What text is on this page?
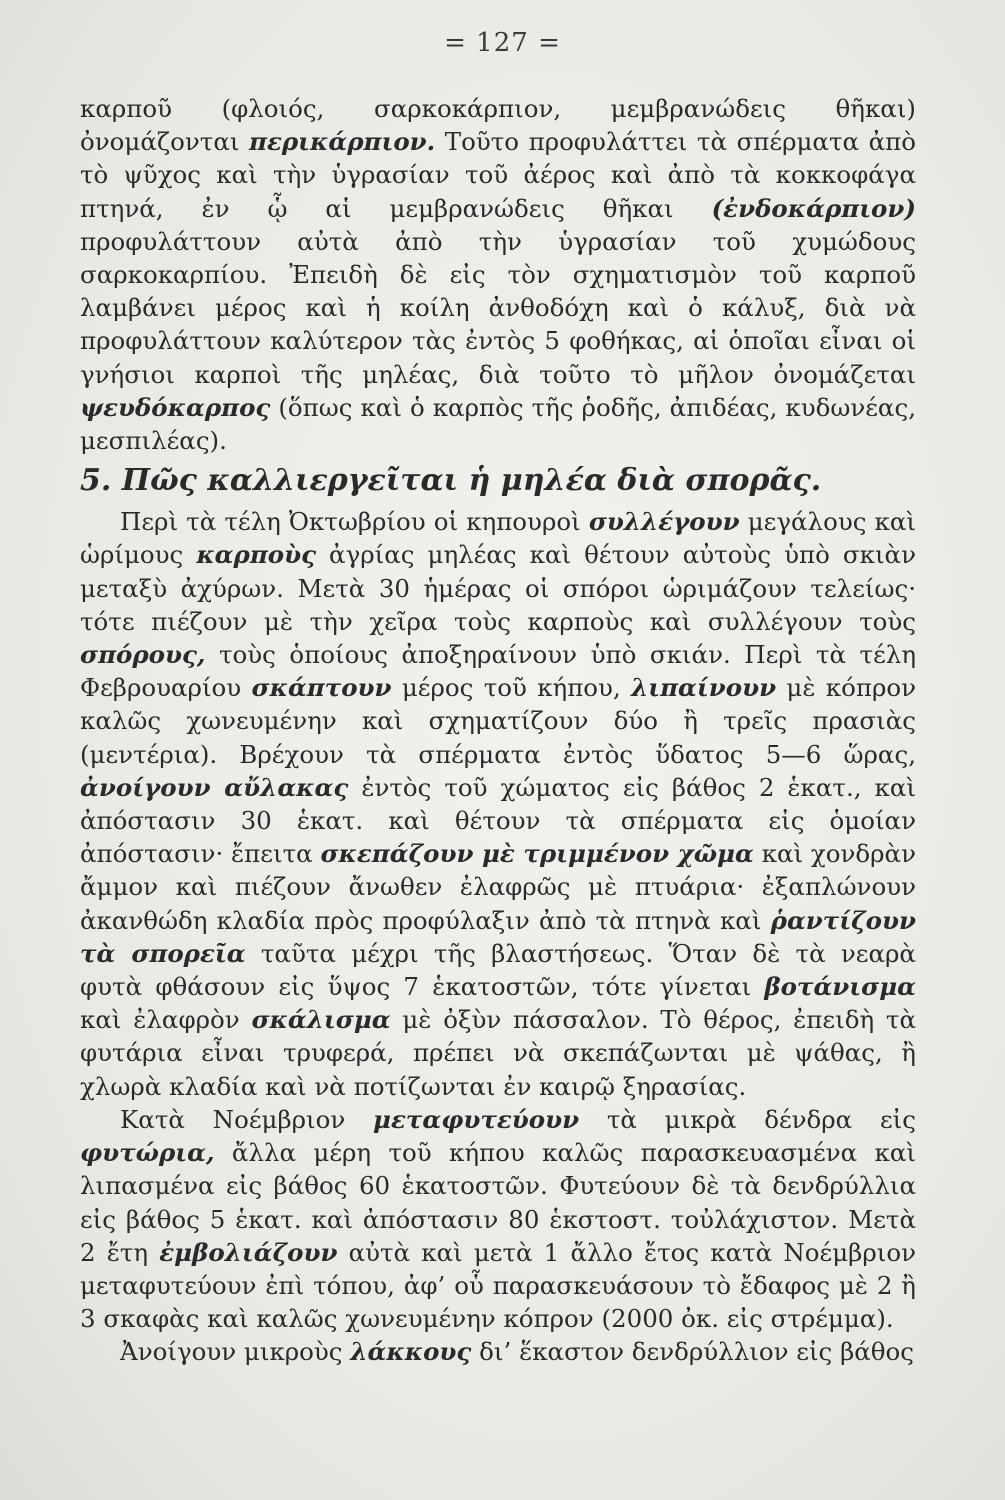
= 127 =

καρποῦ (φλοιός, σαρκοκάρπιον, μεμβρανώδεις θῆκαι) ὀνομάζονται περικάρπιον. Τοῦτο προφυλάττει τὰ σπέρματα ἀπὸ τὸ ψῦχος καὶ τὴν ὑγρασίαν τοῦ ἀέρος καὶ ἀπὸ τὰ κοκκοφάγα πτηνά, ἐν ᾧ αἱ μεμβρανώδεις θῆκαι (ἐνδοκάρπιον) προφυλάττουν αὐτὰ ἀπὸ τὴν ὑγρασίαν τοῦ χυμώδους σαρκοκαρπίου. Ἐπειδὴ δὲ εἰς τὸν σχηματισμὸν τοῦ καρποῦ λαμβάνει μέρος καὶ ἡ κοίλη ἀνθοδόχη καὶ ὁ κάλυξ, διὰ νὰ προφυλάττουν καλύτερον τὰς ἐντὸς 5 φοθήκας, αἱ ὁποῖαι εἶναι οἱ γνήσιοι καρποὶ τῆς μηλέας, διὰ τοῦτο τὸ μῆλον ὀνομάζεται ψευδόκαρπος (ὅπως καὶ ὁ καρπὸς τῆς ῥοδῆς, ἀπιδέας, κυδωνέας, μεσπιλέας).

5. Πῶς καλλιεργεῖται ἡ μηλέα διὰ σπορᾶς.

Περὶ τὰ τέλη Ὀκτωβρίου οἱ κηπουροὶ συλλέγουν μεγάλους καὶ ὡρίμους καρποὺς ἀγρίας μηλέας καὶ θέτουν αὐτοὺς ὑπὸ σκιὰν μεταξὺ ἀχύρων. Μετὰ 30 ἡμέρας οἱ σπόροι ὡριμάζουν τελείως· τότε πιέζουν μὲ τὴν χεῖρα τοὺς καρποὺς καὶ συλλέγουν τοὺς σπόρους, τοὺς ὁποίους ἀποξηραίνουν ὑπὸ σκιάν. Περὶ τὰ τέλη Φεβρουαρίου σκάπτουν μέρος τοῦ κήπου, λιπαίνουν μὲ κόπρον καλῶς χωνευμένην καὶ σχηματίζουν δύο ἢ τρεῖς πρασιὰς (μεντέρια). Βρέχουν τὰ σπέρματα ἐντὸς ὕδατος 5—6 ὥρας, ἀνοίγουν αὔλακας ἐντὸς τοῦ χώματος εἰς βάθος 2 ἑκατ., καὶ ἀπόστασιν 30 ἑκατ. καὶ θέτουν τὰ σπέρματα εἰς ὁμοίαν ἀπόστασιν· ἔπειτα σκεπάζουν μὲ τριμμένον χῶμα καὶ χονδρὰν ἄμμον καὶ πιέζουν ἄνωθεν ἐλαφρῶς μὲ πτυάρια· ἐξαπλώνουν ἀκανθώδη κλαδία πρὸς προφύλαξιν ἀπὸ τὰ πτηνὰ καὶ ῥαντίζουν τὰ σπορεῖα ταῦτα μέχρι τῆς βλαστήσεως. Ὅταν δὲ τὰ νεαρὰ φυτὰ φθάσουν εἰς ὕψος 7 ἑκατοστῶν, τότε γίνεται βοτάνισμα καὶ ἐλαφρὸν σκάλισμα μὲ ὀξὺν πάσσαλον. Τὸ θέρος, ἐπειδὴ τὰ φυτάρια εἶναι τρυφερά, πρέπει νὰ σκεπάζωνται μὲ ψάθας, ἢ χλωρὰ κλαδία καὶ νὰ ποτίζωνται ἐν καιρῷ ξηρασίας.

Κατὰ Νοέμβριον μεταφυτεύουν τὰ μικρὰ δένδρα εἰς φυτώρια, ἄλλα μέρη τοῦ κήπου καλῶς παρασκευασμένα καὶ λιπασμένα εἰς βάθος 60 ἑκατοστῶν. Φυτεύουν δὲ τὰ δενδρύλλια εἰς βάθος 5 ἑκατ. καὶ ἀπόστασιν 80 ἑκστοστ. τοὐλάχιστον. Μετὰ 2 ἔτη ἐμβολιάζουν αὐτὰ καὶ μετὰ 1 ἄλλο ἔτος κατὰ Νοέμβριον μεταφυτεύουν ἐπὶ τόπου, ἀφ’ οὗ παρασκευάσουν τὸ ἔδαφος μὲ 2 ἢ 3 σκαφὰς καὶ καλῶς χωνευμένην κόπρον (2000 ὀκ. εἰς στρέμμα).

Ἀνοίγουν μικροὺς λάκκους δι’ ἕκαστον δενδρύλλιον εἰς βάθος
